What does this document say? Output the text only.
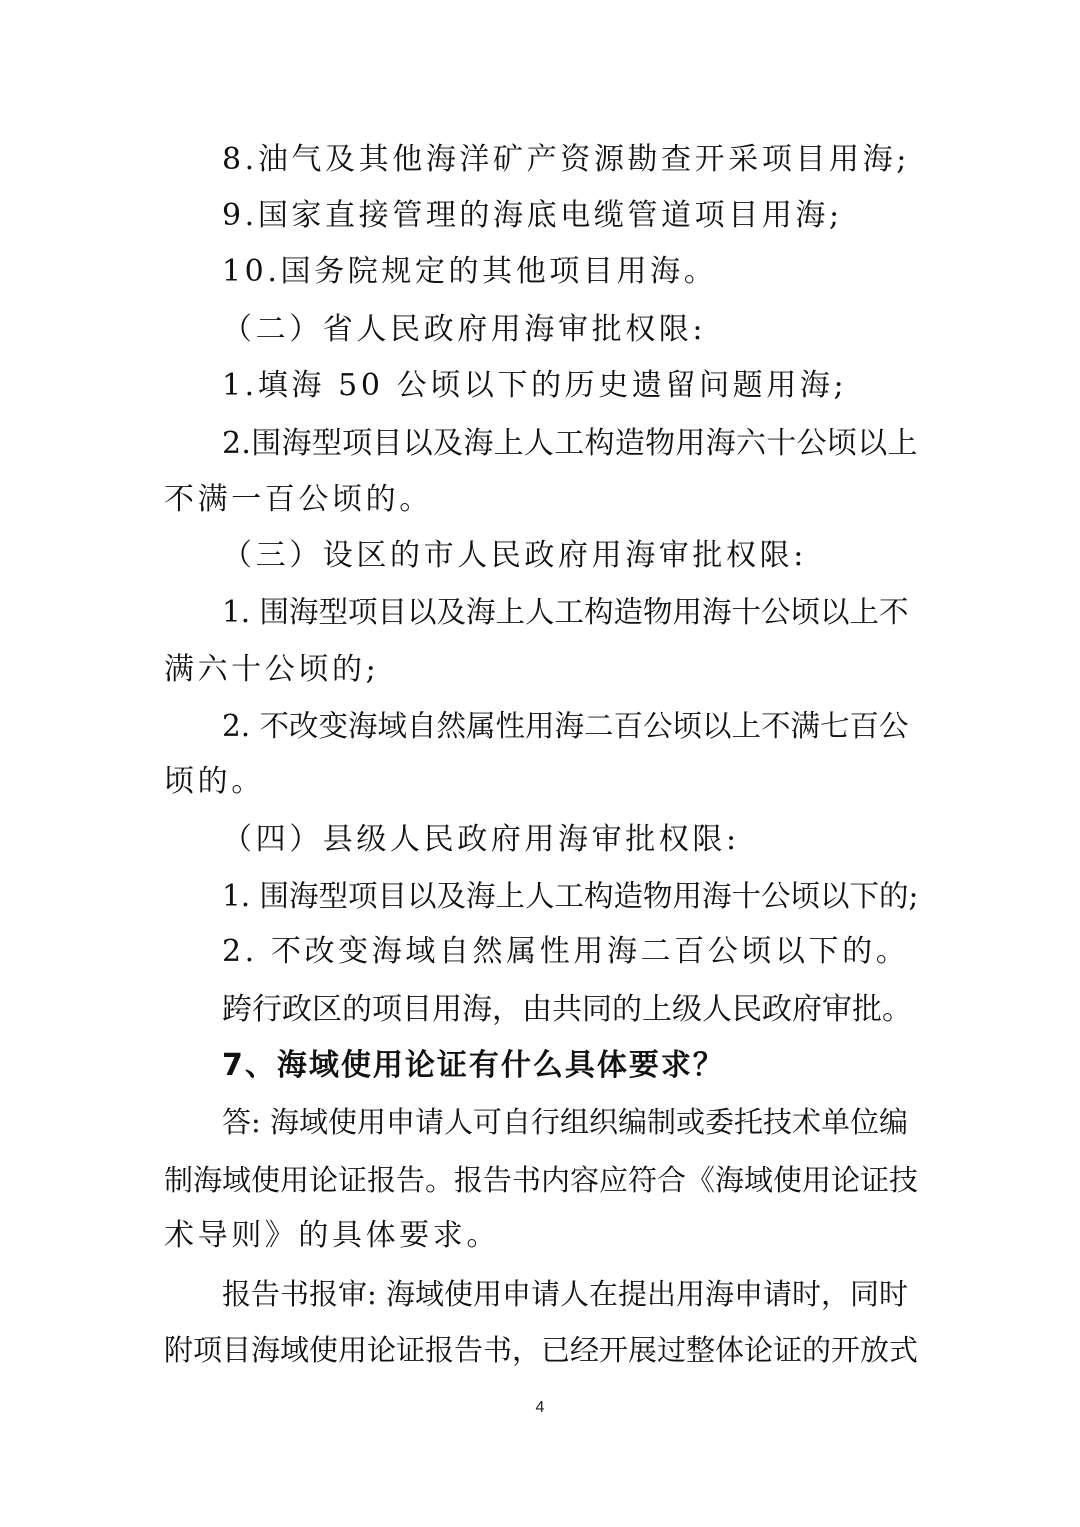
8.油气及其他海洋矿产资源勘查开采项目用海;
9.国家直接管理的海底电缆管道项目用海;
10.国务院规定的其他项目用海。
（二）省人民政府用海审批权限:
1.填海 50 公顷以下的历史遗留问题用海;
2.围海型项目以及海上人工构造物用海六十公顷以上
不满一百公顷的。
（三）设区的市人民政府用海审批权限:
1. 围海型项目以及海上人工构造物用海十公顷以上不
满六十公顷的;
2. 不改变海域自然属性用海二百公顷以上不满七百公
顷的。
（四）县级人民政府用海审批权限:
1. 围海型项目以及海上人工构造物用海十公顷以下的;
2. 不改变海域自然属性用海二百公顷以下的。
跨行政区的项目用海，由共同的上级人民政府审批。
7、海域使用论证有什么具体要求？
答: 海域使用申请人可自行组织编制或委托技术单位编
制海域使用论证报告。报告书内容应符合《海域使用论证技
术导则》的具体要求。
报告书报审: 海域使用申请人在提出用海申请时，同时
附项目海域使用论证报告书，已经开展过整体论证的开放式
4
